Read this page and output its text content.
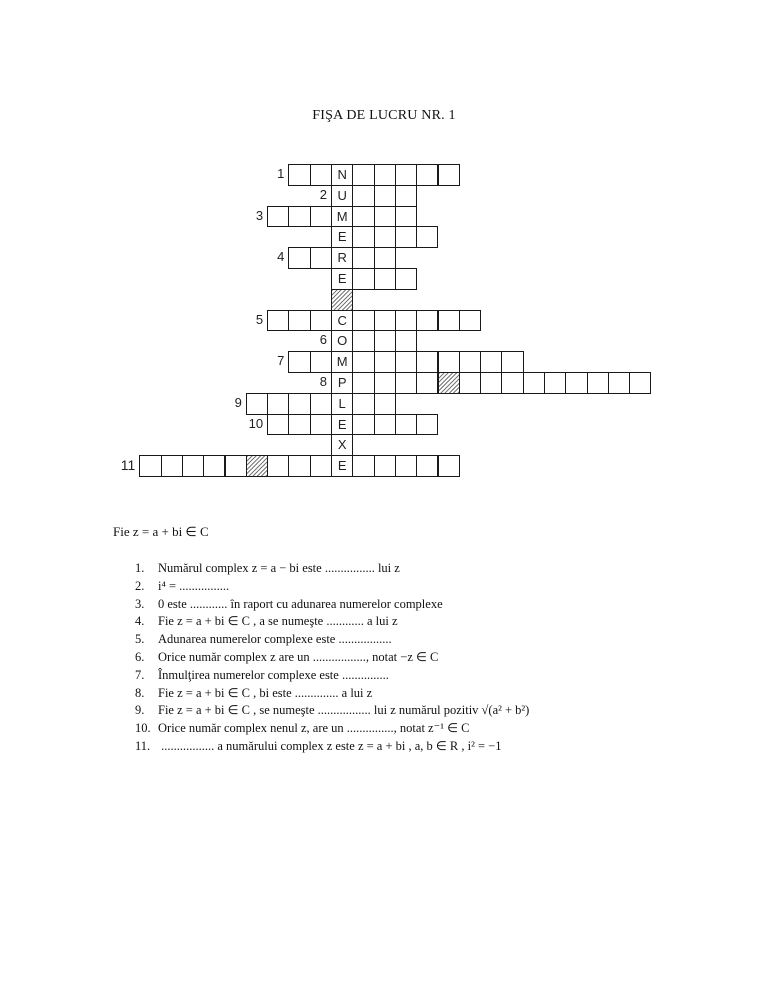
FIŞA DE LUCRU NR. 1
N
1
U
2
M
3
E
R
4
E
C
5
O
6
M
7
P
8
L
9
E
10
X
E
11
Fie z = a + bi ∈ C
1. Numărul complex z = a − bi este ................ lui z
2. i⁴ = ................
3. 0 este ............ în raport cu adunarea numerelor complexe
4. Fie z = a + bi ∈ C , a se numeşte ............ a lui z
5. Adunarea numerelor complexe este .................
6. Orice număr complex z are un ................., notat −z ∈ C
7. Înmulţirea numerelor complexe este ...............
8. Fie z = a + bi ∈ C , bi este .............. a lui z
9. Fie z = a + bi ∈ C , se numeşte ................. lui z numărul pozitiv √(a² + b²)
10. Orice număr complex nenul z, are un ..............., notat z⁻¹ ∈ C
11. ................. a numărului complex z este z = a + bi , a, b ∈ R , i² = −1
